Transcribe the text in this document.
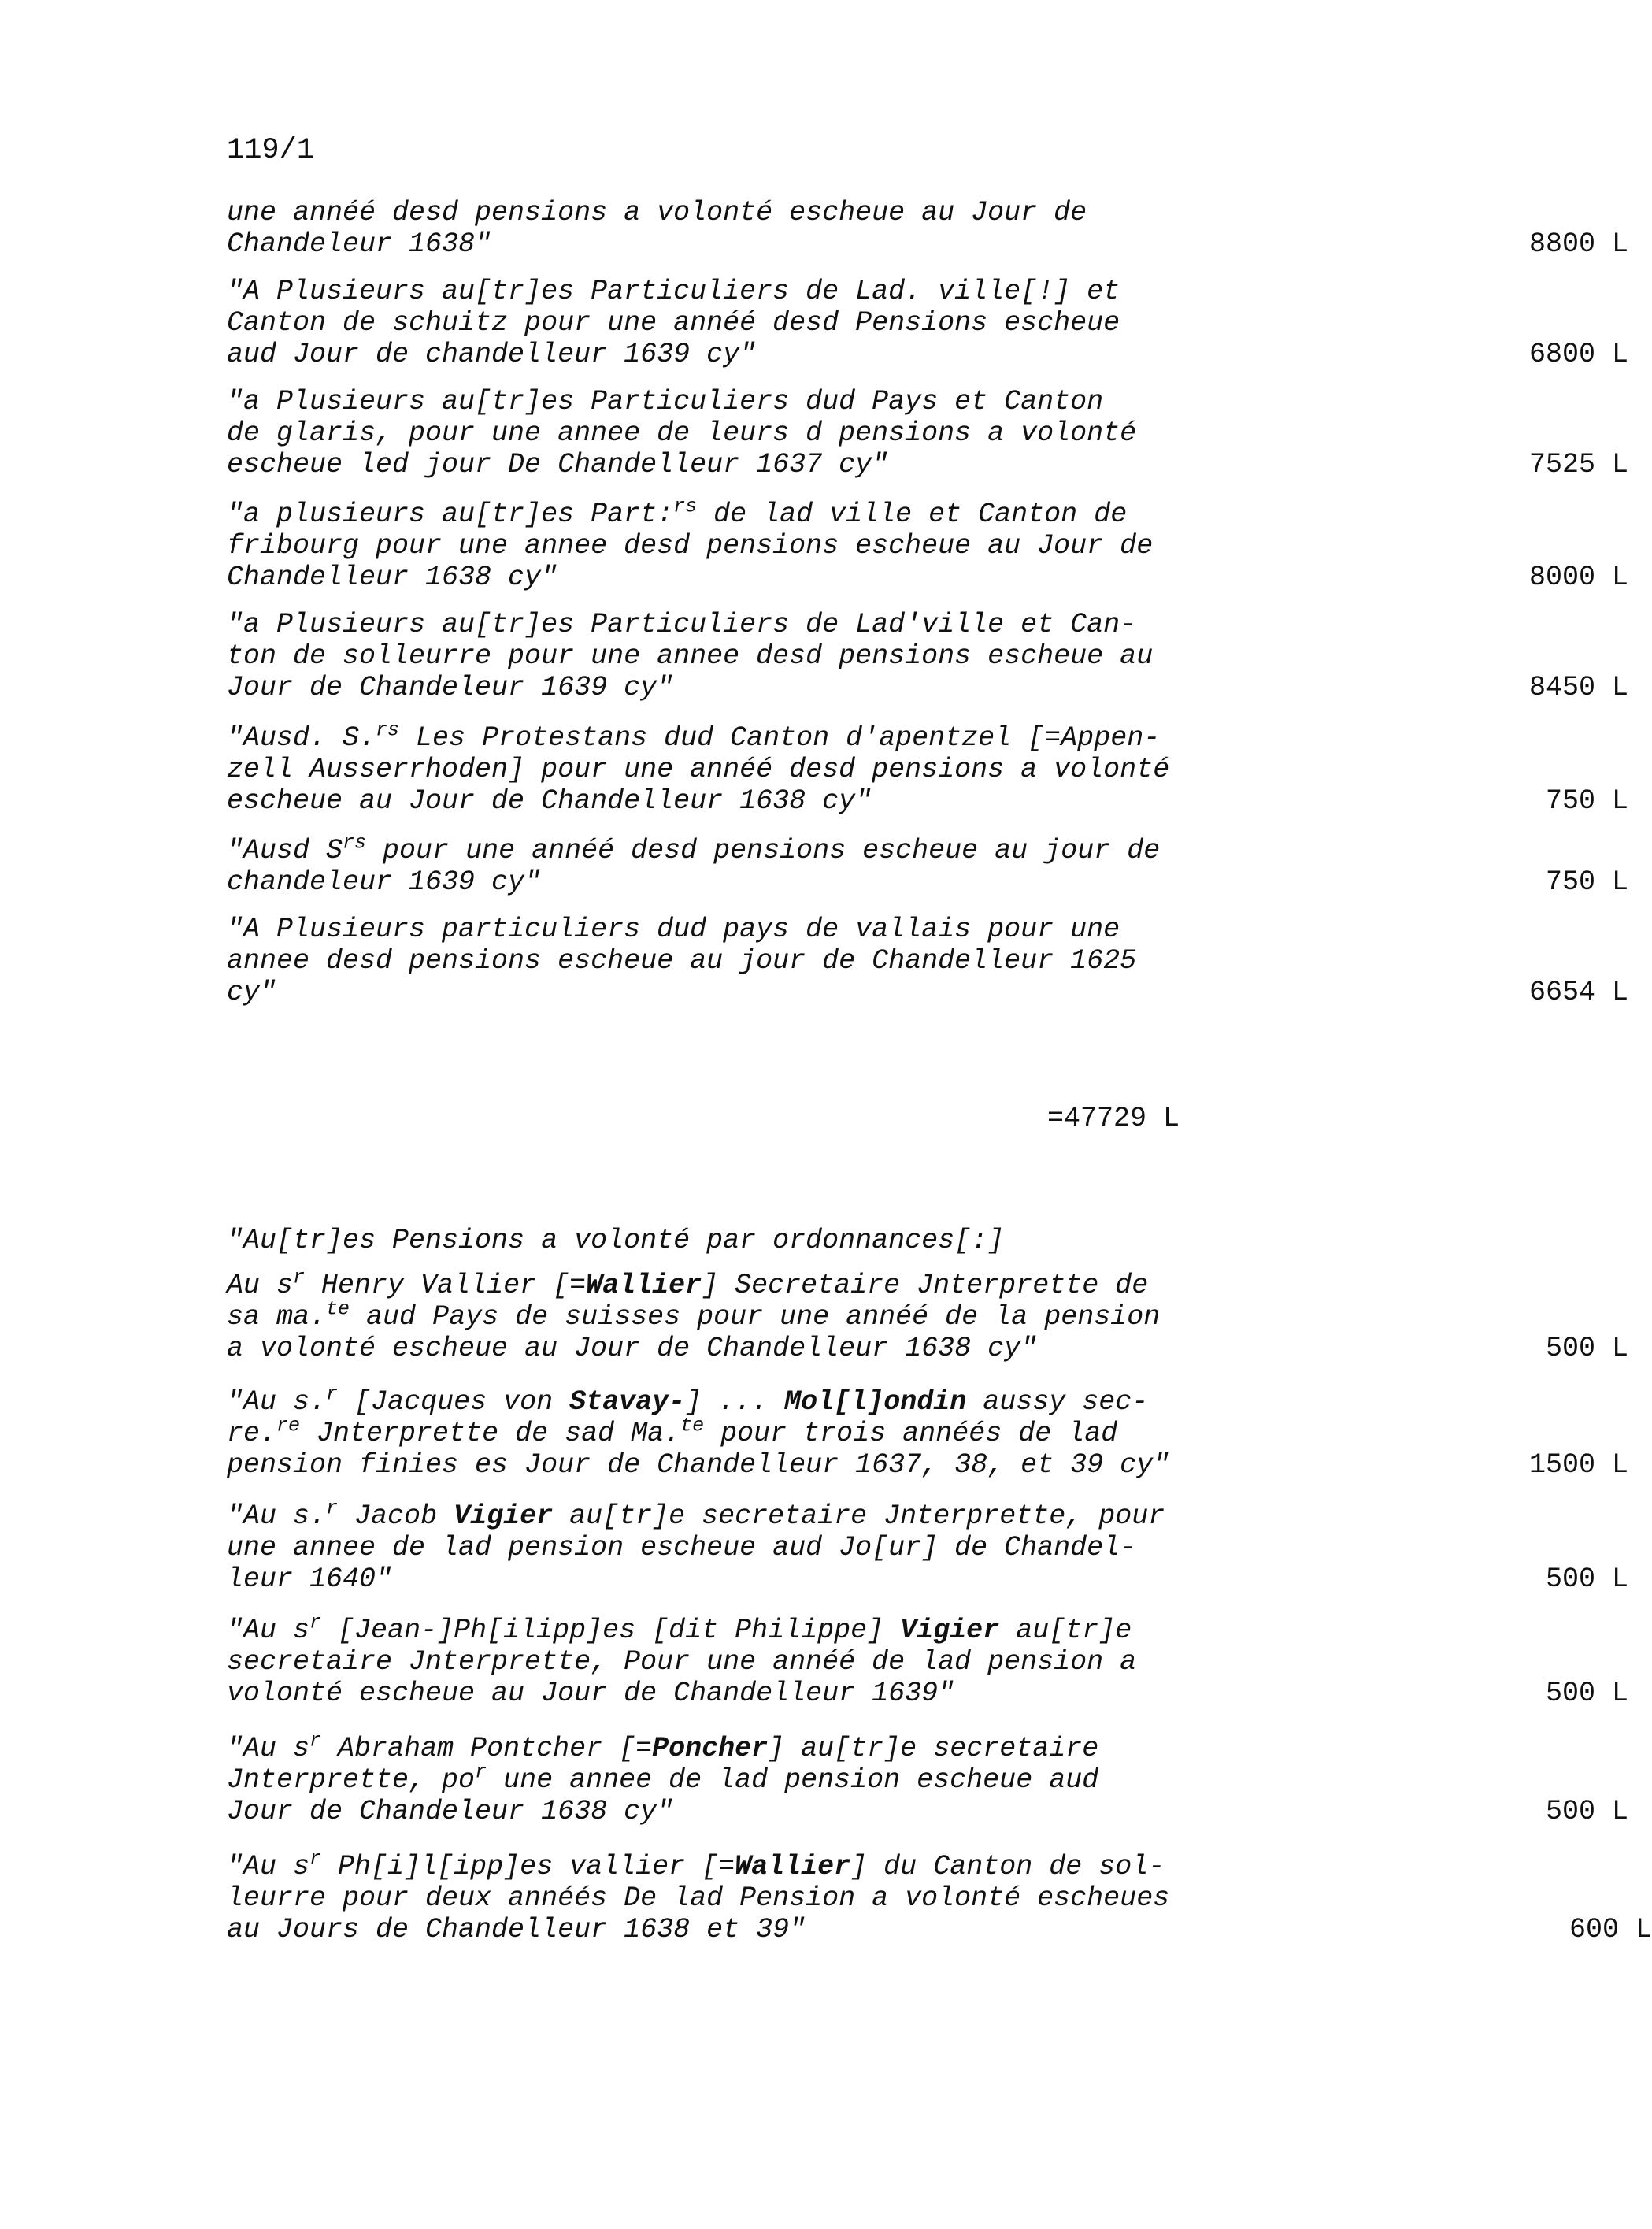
119/1
une annéé desd pensions a volonté escheue au Jour de
Chandeleur 1638"	8800 L
"A Plusieurs au[tr]es Particuliers de Lad. ville[!] et
Canton de schuitz pour une annéé desd Pensions escheue
aud Jour de chandelleur 1639 cy"	6800 L
"a Plusieurs au[tr]es Particuliers dud Pays et Canton
de glaris, pour une annee de leurs d pensions a volonté
escheue led jour De Chandelleur 1637 cy"	7525 L
"a plusieurs au[tr]es Part:$^{rs}$ de lad ville et Canton de
fribourg pour une annee desd pensions escheue au Jour de
Chandelleur 1638 cy"	8000 L
"a Plusieurs au[tr]es Particuliers de Lad'ville et Can-
ton de solleurre pour une annee desd pensions escheue au
Jour de Chandeleur 1639 cy"	8450 L
"Ausd. S.$^{rs}$ Les Protestans dud Canton d'apentzel [=Appen-
zell Ausserrhoden] pour une annéé desd pensions a volonté
escheue au Jour de Chandelleur 1638 cy"	750 L
"Ausd $S^{rs}$ pour une annéé desd pensions escheue au jour de
chandeleur 1639 cy"	750 L
"A Plusieurs particuliers dud pays de vallais pour une
annee desd pensions escheue au jour de Chandelleur 1625
cy"	6654 L
=47729 L
"Au[tr]es Pensions a volonté par ordonnances[:]
Au $s^r$ Henry Vallier [=Wallier] Secretaire Jnterprette de
sa ma.$^{te}$ aud Pays de suisses pour une annéé de la pension
a volonté escheue au Jour de Chandelleur 1638 cy"	500 L
"Au s.$^r$ [Jacques von Stavay-] ... Mol[l]ondin aussy sec-
re.$^{re}$ Jnterprette de sad Ma.$^{te}$ pour trois annéés de lad
pension finies es Jour de Chandelleur 1637, 38, et 39 cy"	1500 L
"Au s.$^r$ Jacob Vigier au[tr]e secretaire Jnterprette, pour
une annee de lad pension escheue aud Jo[ur] de Chandel-
leur 1640"	500 L
"Au $s^r$ [Jean-]Ph[ilipp]es [dit Philippe] Vigier au[tr]e
secretaire Jnterprette, Pour une annéé de lad pension a
volonté escheue au Jour de Chandelleur 1639"	500 L
"Au $s^r$ Abraham Pontcher [=Poncher] au[tr]e secretaire
Jnterprette, $po^r$ une annee de lad pension escheue aud
Jour de Chandeleur 1638 cy"	500 L
"Au $s^r$ Ph[i]l[ipp]es vallier [=Wallier] du Canton de sol-
leurre pour deux annéés De lad Pension a volonté escheues
au Jours de Chandelleur 1638 et 39"	600 L
